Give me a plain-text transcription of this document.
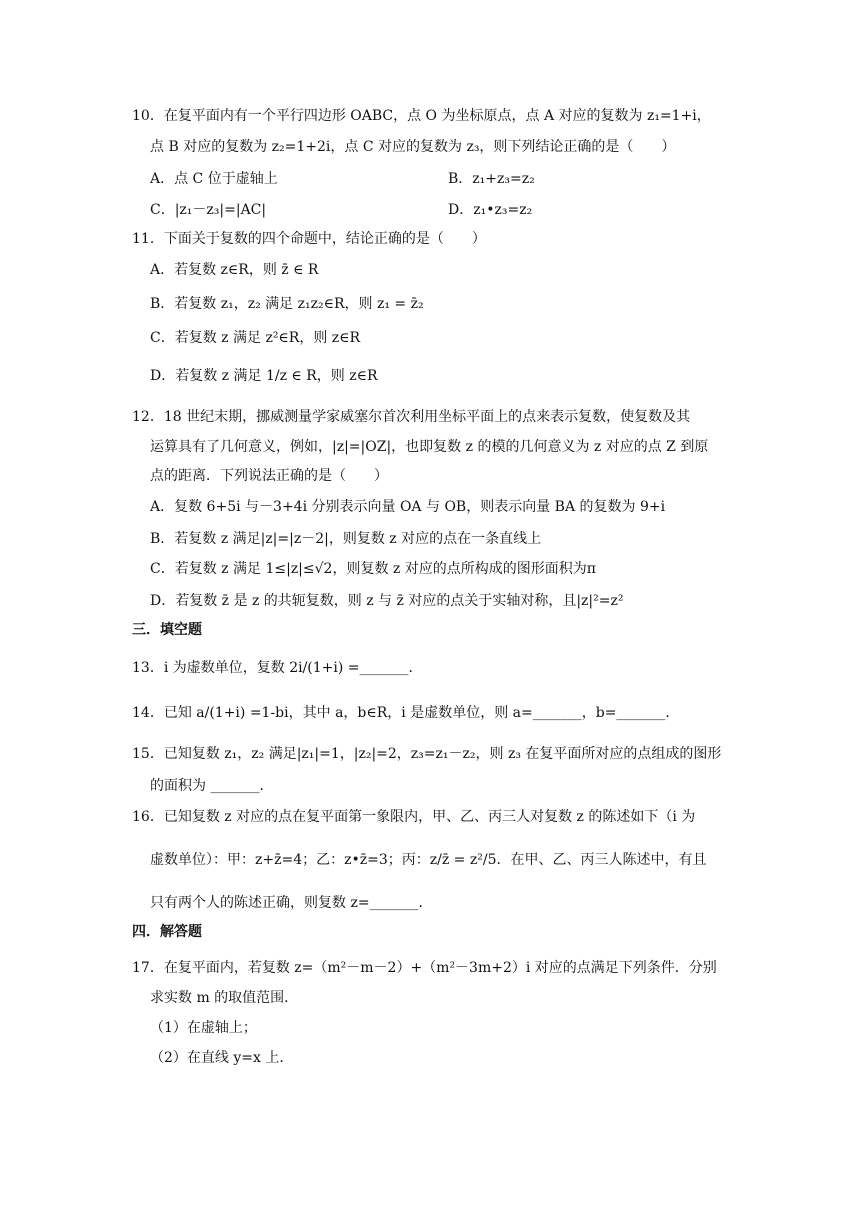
10．在复平面内有一个平行四边形 OABC，点 O 为坐标原点，点 A 对应的复数为 z₁=1+i，
点 B 对应的复数为 z₂=1+2i，点 C 对应的复数为 z₃，则下列结论正确的是（　　）
A．点 C 位于虚轴上	B．z₁+z₃=z₂
C．|z₁－z₃|=|AC|	D．z₁•z₃=z₂
11．下面关于复数的四个命题中，结论正确的是（　　）
A．若复数 z∈R，则 z̄ ∈ R
B．若复数 z₁，z₂ 满足 z₁z₂∈R，则 z₁ = z̄₂
C．若复数 z 满足 z²∈R，则 z∈R
D．若复数 z 满足 1/z ∈ R，则 z∈R
12．18 世纪末期，挪威测量学家威塞尔首次利用坐标平面上的点来表示复数，使复数及其
运算具有了几何意义，例如，|z|=|OZ|，也即复数 z 的模的几何意义为 z 对应的点 Z 到原
点的距离．下列说法正确的是（　　）
A．复数 6+5i 与－3+4i 分别表示向量 OA 与 OB，则表示向量 BA 的复数为 9+i
B．若复数 z 满足|z|=|z－2|，则复数 z 对应的点在一条直线上
C．若复数 z 满足 1≤|z|≤√2，则复数 z 对应的点所构成的图形面积为π
D．若复数 z̄ 是 z 的共轭复数，则 z 与 z̄ 对应的点关于实轴对称，且|z|²=z²
三．填空题
13．i 为虚数单位，复数 2i/(1+i) =_______．
14．已知 a/(1+i) =1-bi，其中 a，b∈R，i 是虚数单位，则 a=_______，b=_______．
15．已知复数 z₁，z₂ 满足|z₁|=1，|z₂|=2，z₃=z₁－z₂，则 z₃ 在复平面所对应的点组成的图形
的面积为 _______．
16．已知复数 z 对应的点在复平面第一象限内，甲、乙、丙三人对复数 z 的陈述如下（i 为
虚数单位）：甲：z+z̄=4；乙：z•z̄=3；丙：z/z̄ = z²/5．在甲、乙、丙三人陈述中，有且
只有两个人的陈述正确，则复数 z=_______．
四．解答题
17．在复平面内，若复数 z=（m²－m－2）+（m²－3m+2）i 对应的点满足下列条件．分别
求实数 m 的取值范围．
（1）在虚轴上；
（2）在直线 y=x 上．
